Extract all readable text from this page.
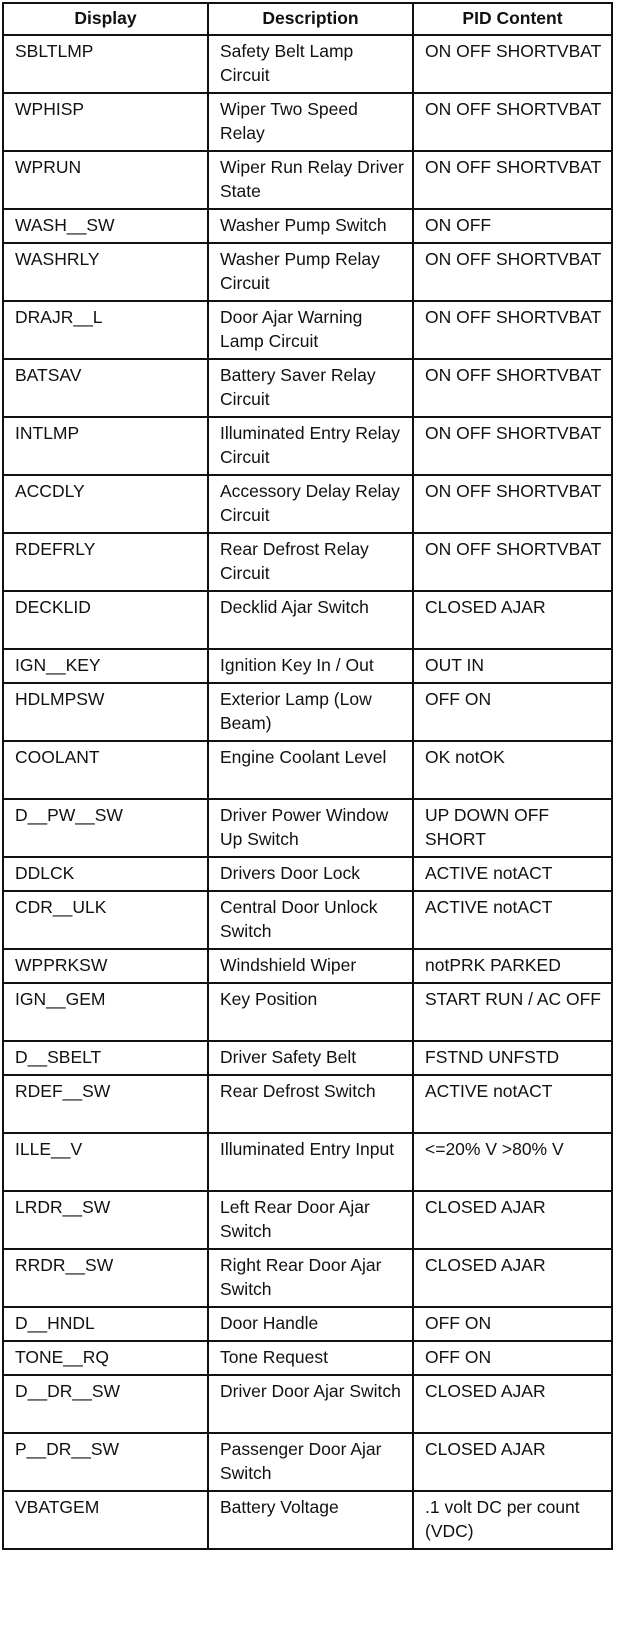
Display	Description	PID Content
SBLTLMP	Safety Belt Lamp Circuit	ON OFF SHORTVBAT
WPHISP	Wiper Two Speed Relay	ON OFF SHORTVBAT
WPRUN	Wiper Run Relay Driver State	ON OFF SHORTVBAT
WASH__SW	Washer Pump Switch	ON OFF
WASHRLY	Washer Pump Relay Circuit	ON OFF SHORTVBAT
DRAJR__L	Door Ajar Warning Lamp Circuit	ON OFF SHORTVBAT
BATSAV	Battery Saver Relay Circuit	ON OFF SHORTVBAT
INTLMP	Illuminated Entry Relay Circuit	ON OFF SHORTVBAT
ACCDLY	Accessory Delay Relay Circuit	ON OFF SHORTVBAT
RDEFRLY	Rear Defrost Relay Circuit	ON OFF SHORTVBAT
DECKLID	Decklid Ajar Switch	CLOSED AJAR
IGN__KEY	Ignition Key In / Out	OUT IN
HDLMPSW	Exterior Lamp (Low Beam)	OFF ON
COOLANT	Engine Coolant Level	OK notOK
D__PW__SW	Driver Power Window Up Switch	UP DOWN OFF SHORT
DDLCK	Drivers Door Lock	ACTIVE notACT
CDR__ULK	Central Door Unlock Switch	ACTIVE notACT
WPPRKSW	Windshield Wiper	notPRK PARKED
IGN__GEM	Key Position	START RUN / AC OFF
D__SBELT	Driver Safety Belt	FSTND UNFSTD
RDEF__SW	Rear Defrost Switch	ACTIVE notACT
ILLE__V	Illuminated Entry Input	<=20% V >80% V
LRDR__SW	Left Rear Door Ajar Switch	CLOSED AJAR
RRDR__SW	Right Rear Door Ajar Switch	CLOSED AJAR
D__HNDL	Door Handle	OFF ON
TONE__RQ	Tone Request	OFF ON
D__DR__SW	Driver Door Ajar Switch	CLOSED AJAR
P__DR__SW	Passenger Door Ajar Switch	CLOSED AJAR
VBATGEM	Battery Voltage	.1 volt DC per count (VDC)
